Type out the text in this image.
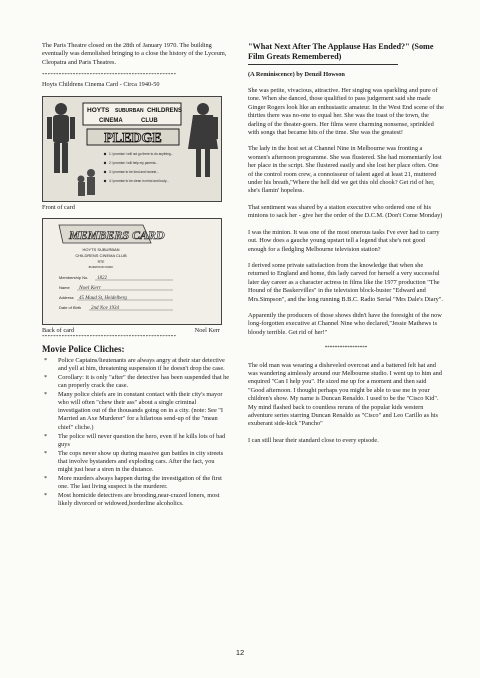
The Paris Theatre closed on the 28th of January 1970. The building eventually was demolished bringing to a close the history of the Lyceum, Cleopatra and Paris Theatres.

************************************************

Hoyts Childrens Cinema Card - Circa 1940-50

HOYTS SUBURBAN CHILDRENS
CINEMA	CLUB
PLEDGE
1 I promise I will not go there to do anything...
2 I promise I will help my parents...
3 I promise to be kind and honest...
4 I promise to be clean in mind and body...

Front of card

MEMBERS CARD
HOYTS SUBURBAN
CHILDRENS CINEMA CLUB
RTE
BURWOOD PARK
Membership No. 1822
Name Noel Kerr
Address 45 Maud St, Heidelberg
Date of Birth 2nd Nov 1934
Back of card	Noel Kerr
************************************************

Movie Police Cliches:

*	Police Captains/lieutenants are always angry at their star detective and yell at him, threatening suspension if he doesn't drop the case.
*	Corollary: it is only "after" the detective has been suspended that he can properly crack the case.
*	Many police chiefs are in constant contact with their city's mayor who will often "chew their ass" about a single criminal investigation out of the thousands going on in a city. (note: See "I Married an Axe Murderer" for a hilarious send-up of the "mean chief" cliche.)
*	The police will never question the hero, even if he kills lots of bad guys
*	The cops never show up during massive gun battles in city streets that involve bystanders and exploding cars. After the fact, you might just hear a siren in the distance.
*	More murders always happen during the investigation of the first one. The last living suspect is the murderer.
*	Most homicide detectives are brooding,near-crazed loners, most likely divorced or widowed,borderline alcoholics.

"What Next After The Applause Has Ended?" (Some Film Greats Remembered)

(A Reminiscence) by Denzil Howson

She was petite, vivacious, attractive. Her singing was sparkling and pure of tone. When she danced, those qualified to pass judgement said she made Ginger Rogers look like an enthusiastic amateur. In the West End scene of the thirties there was no-one to equal her. She was the toast of the town, the darling of the theater-goers. Her films were charming nonsense, sprinkled with songs that became hits of the time. She was the greatest!

The lady in the host set at Channel Nine in Melbourne was fronting a women's afternoon programme. She was flustered. She had momentarily lost her place in the script. She flustered easily and she lost her place often. One of the control room crew, a connoisseur of talent aged at least 21, muttered under his breath,"Where the hell did we get this old chook? Get rid of her, she's flamin' hopeless.

That sentiment was shared by a station executive who ordered one of his minions to sack her - give her the order of the D.C.M. (Don't Come Monday)

I was the minion. It was one of the most onerous tasks I've ever had to carry out. How does a gauche young upstart tell a legend that she's not good enough for a fledgling Melbourne television station?

I derived some private satisfaction from the knowledge that when she returned to England and home, this lady carved for herself a very successful later day career as a character actress in films like the 1977 production "The Hound of the Baskervilles" in the television block-buster "Edward and Mrs.Simpson", and the long running B.B.C. Radio Serial "Mrs Dale's Diary".

Apparently the producers of those shows didn't have the foresight of the now long-forgotten executive at Channel Nine who declared,"Jessie Mathews is bloody terrible. Get rid of her!"

*****************

The old man was wearing a disheveled overcoat and a battered felt hat and was wandering aimlessly around our Melbourne studio. I went up to him and enquired "Can I help you". He sized me up for a moment and then said "Good afternoon. I thought perhaps you might be able to use me in your children's show. My name is Duncan Renaldo. I used to be the "Cisco Kid". My mind flashed back to countless reruns of the popular kids western adventure series starring Duncan Renaldo as "Cisco" and Leo Carillo as his exuberant side-kick "Pancho"

I can still hear their standard close to every episode.

12
